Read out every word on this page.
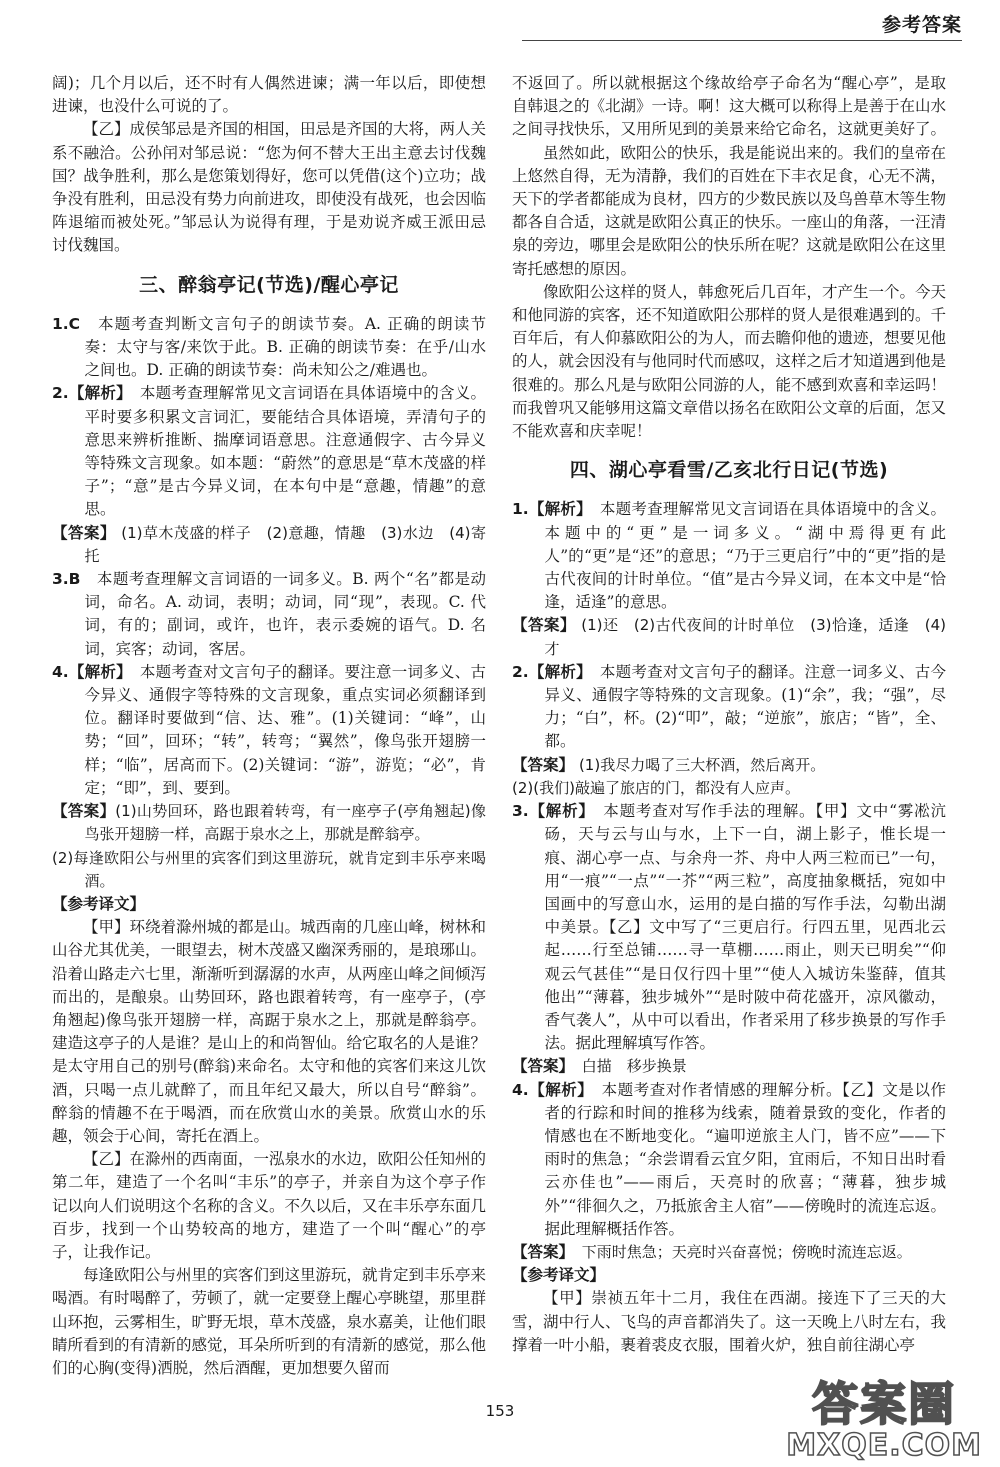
参考答案

阔)；几个月以后，还不时有人偶然进谏；满一年以后，即使想进谏，也没什么可说的了。

【乙】成侯邹忌是齐国的相国，田忌是齐国的大将，两人关系不融洽。公孙闬对邹忌说：“您为何不替大王出主意去讨伐魏国？战争胜利，那么是您策划得好，您可以凭借(这个)立功；战争没有胜利，田忌没有势力向前进攻，即使没有战死，也会因临阵退缩而被处死。”邹忌认为说得有理，于是劝说齐威王派田忌讨伐魏国。

三、醉翁亭记(节选)/醒心亭记

1.C　 本题考查判断文言句子的朗读节奏。A. 正确的朗读节奏：太守与客/来饮于此。B. 正确的朗读节奏：在乎/山水之间也。D. 正确的朗读节奏：尚未知公之/难遇也。

2.【解析】　 本题考查理解常见文言词语在具体语境中的含义。平时要多积累文言词汇，要能结合具体语境，弄清句子的意思来辨析推断、揣摩词语意思。注意通假字、古今异义等特殊文言现象。如本题：“蔚然”的意思是“草木茂盛的样子”；“意”是古今异义词，在本句中是“意趣，情趣”的意思。

【答案】 (1)草木茂盛的样子　(2)意趣，情趣　(3)水边　(4)寄托

3.B　 本题考查理解文言词语的一词多义。B. 两个“名”都是动词，命名。A. 动词，表明；动词，同“现”，表现。C. 代词，有的；副词，或许，也许，表示委婉的语气。D. 名词，宾客；动词，客居。

4.【解析】　 本题考查对文言句子的翻译。要注意一词多义、古今异义、通假字等特殊的文言现象，重点实词必须翻译到位。翻译时要做到“信、达、雅”。(1)关键词：“峰”，山势；“回”，回环；“转”，转弯；“翼然”，像鸟张开翅膀一样；“临”，居高而下。(2)关键词：“游”，游览；“必”，肯定；“即”，到、要到。

【答案】(1)山势回环，路也跟着转弯，有一座亭子(亭角翘起)像鸟张开翅膀一样，高踞于泉水之上，那就是醉翁亭。

(2)每逢欧阳公与州里的宾客们到这里游玩，就肯定到丰乐亭来喝酒。

【参考译文】

【甲】环绕着滁州城的都是山。城西南的几座山峰，树林和山谷尤其优美，一眼望去，树木茂盛又幽深秀丽的，是琅琊山。沿着山路走六七里，渐渐听到潺潺的水声，从两座山峰之间倾泻而出的，是酿泉。山势回环，路也跟着转弯，有一座亭子，(亭角翘起)像鸟张开翅膀一样，高踞于泉水之上，那就是醉翁亭。建造这亭子的人是谁？是山上的和尚智仙。给它取名的人是谁？是太守用自己的别号(醉翁)来命名。太守和他的宾客们来这儿饮酒，只喝一点儿就醉了，而且年纪又最大，所以自号“醉翁”。醉翁的情趣不在于喝酒，而在欣赏山水的美景。欣赏山水的乐趣，领会于心间，寄托在酒上。

【乙】在滁州的西南面，一泓泉水的水边，欧阳公任知州的第二年，建造了一个名叫“丰乐”的亭子，并亲自为这个亭子作记以向人们说明这个名称的含义。不久以后，又在丰乐亭东面几百步，找到一个山势较高的地方，建造了一个叫“醒心”的亭子，让我作记。

每逢欧阳公与州里的宾客们到这里游玩，就肯定到丰乐亭来喝酒。有时喝醉了，劳顿了，就一定要登上醒心亭眺望，那里群山环抱，云雾相生，旷野无垠，草木茂盛，泉水嘉美，让他们眼睛所看到的有清新的感觉，耳朵所听到的有清新的感觉，那么他们的心胸(变得)洒脱，然后酒醒，更加想要久留而

不返回了。所以就根据这个缘故给亭子命名为“醒心亭”，是取自韩退之的《北湖》一诗。啊！这大概可以称得上是善于在山水之间寻找快乐，又用所见到的美景来给它命名，这就更美好了。

虽然如此，欧阳公的快乐，我是能说出来的。我们的皇帝在上悠然自得，无为清静，我们的百姓在下丰衣足食，心无不满，天下的学者都能成为良材，四方的少数民族以及鸟兽草木等生物都各自合适，这就是欧阳公真正的快乐。一座山的角落，一汪清泉的旁边，哪里会是欧阳公的快乐所在呢？这就是欧阳公在这里寄托感想的原因。

像欧阳公这样的贤人，韩愈死后几百年，才产生一个。今天和他同游的宾客，还不知道欧阳公那样的贤人是很难遇到的。千百年后，有人仰慕欧阳公的为人，而去瞻仰他的遗迹，想要见他的人，就会因没有与他同时代而感叹，这样之后才知道遇到他是很难的。那么凡是与欧阳公同游的人，能不感到欢喜和幸运吗！而我曾巩又能够用这篇文章借以扬名在欧阳公文章的后面，怎又不能欢喜和庆幸呢！

四、湖心亭看雪/乙亥北行日记(节选)

1.【解析】　 本题考查理解常见文言词语在具体语境中的含义。本题中的“更”是一词多义。“湖中焉得更有此人”的“更”是“还”的意思；“乃于三更启行”中的“更”指的是古代夜间的计时单位。“值”是古今异义词，在本文中是“恰逢，适逢”的意思。

【答案】 (1)还　(2)古代夜间的计时单位　(3)恰逢，适逢　(4)才

2.【解析】　 本题考查对文言句子的翻译。注意一词多义、古今异义、通假字等特殊的文言现象。(1)“余”，我；“强”，尽力；“白”，杯。(2)“叩”，敲；“逆旅”，旅店；“皆”，全、都。

【答案】 (1)我尽力喝了三大杯酒，然后离开。

(2)(我们)敲遍了旅店的门，都没有人应声。

3.【解析】　 本题考查对写作手法的理解。【甲】文中“雾凇沆砀，天与云与山与水，上下一白，湖上影子，惟长堤一痕、湖心亭一点、与余舟一芥、舟中人两三粒而已”一句，用“一痕”“一点”“一芥”“两三粒”，高度抽象概括，宛如中国画中的写意山水，运用的是白描的写作手法，勾勒出湖中美景。【乙】文中写了“三更启行。行四五里，见西北云起……行至总铺……寻一草棚……雨止，则天已明矣”“仰观云气甚佳”“是日仅行四十里”“使人入城访朱鉴薛，值其他出”“薄暮，独步城外”“是时陂中荷花盛开，凉风徽动，香气袭人”，从中可以看出，作者采用了移步换景的写作手法。据此理解填写作答。

【答案】　 白描　移步换景

4.【解析】　 本题考查对作者情感的理解分析。【乙】文是以作者的行踪和时间的推移为线索，随着景致的变化，作者的情感也在不断地变化。“遍叩逆旅主人门，皆不应”——下雨时的焦急；“余尝谓看云宜夕阳，宜雨后，不知日出时看云亦佳也”——雨后，天亮时的欣喜；“薄暮，独步城外”“徘徊久之，乃抵旅舍主人宿”——傍晚时的流连忘返。据此理解概括作答。

【答案】　 下雨时焦急；天亮时兴奋喜悦；傍晚时流连忘返。

【参考译文】

【甲】崇祯五年十二月，我住在西湖。接连下了三天的大雪，湖中行人、飞鸟的声音都消失了。这一天晚上八时左右，我撑着一叶小船，裹着裘皮衣服，围着火炉，独自前往湖心亭

153	答案圈
MXQE.COM
